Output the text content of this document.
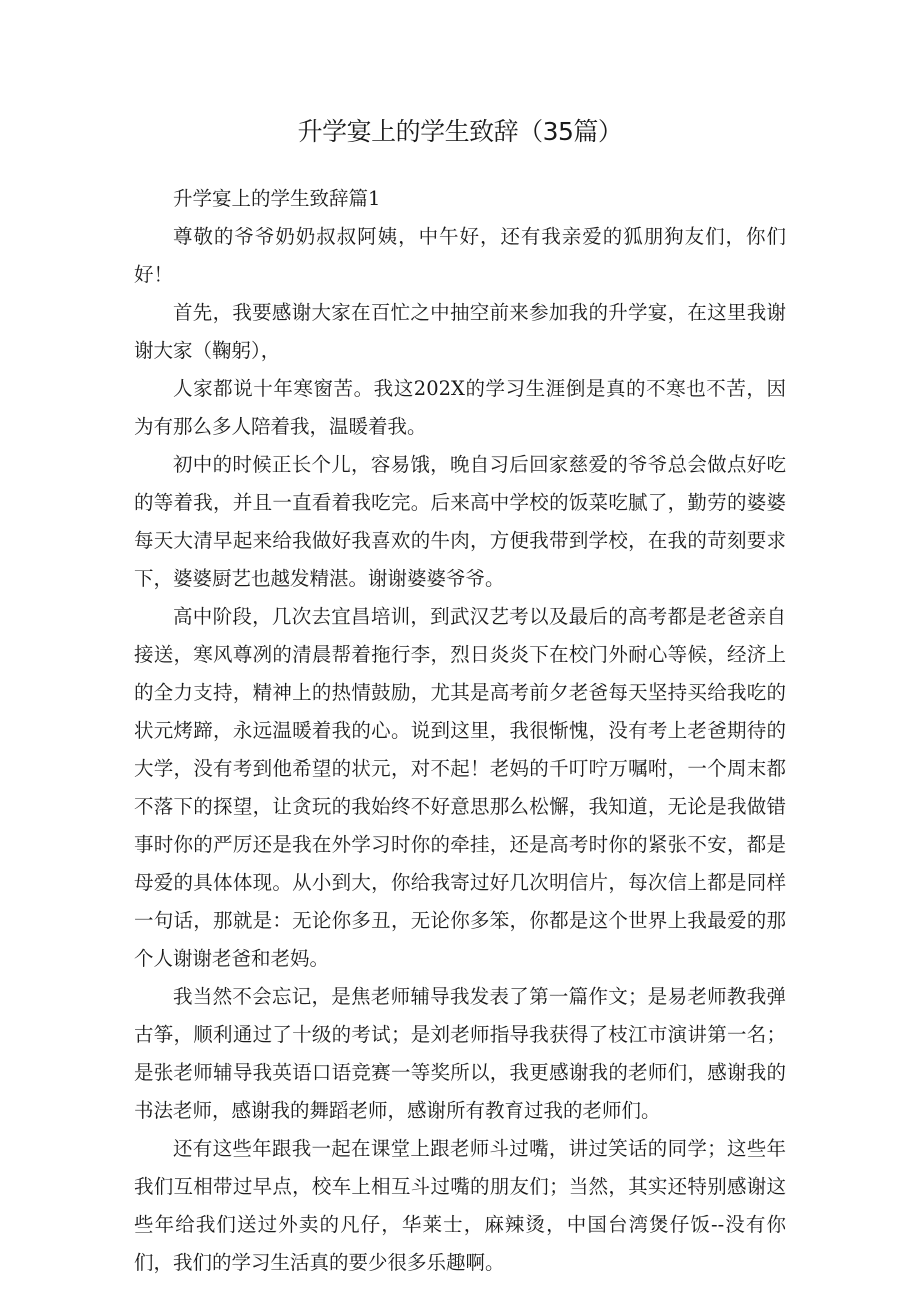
升学宴上的学生致辞（35篇）
升学宴上的学生致辞篇1

尊敬的爷爷奶奶叔叔阿姨，中午好，还有我亲爱的狐朋狗友们，你们好！

首先，我要感谢大家在百忙之中抽空前来参加我的升学宴，在这里我谢谢大家（鞠躬），

人家都说十年寒窗苦。我这202X的学习生涯倒是真的不寒也不苦，因为有那么多人陪着我，温暖着我。

初中的时候正长个儿，容易饿，晚自习后回家慈爱的爷爷总会做点好吃的等着我，并且一直看着我吃完。后来高中学校的饭菜吃腻了，勤劳的婆婆每天大清早起来给我做好我喜欢的牛肉，方便我带到学校，在我的苛刻要求下，婆婆厨艺也越发精湛。谢谢婆婆爷爷。

高中阶段，几次去宜昌培训，到武汉艺考以及最后的高考都是老爸亲自接送，寒风尊冽的清晨帮着拖行李，烈日炎炎下在校门外耐心等候，经济上的全力支持，精神上的热情鼓励，尤其是高考前夕老爸每天坚持买给我吃的状元烤蹄，永远温暖着我的心。说到这里，我很惭愧，没有考上老爸期待的大学，没有考到他希望的状元，对不起！老妈的千叮咛万嘱咐，一个周末都不落下的探望，让贪玩的我始终不好意思那么松懈，我知道，无论是我做错事时你的严厉还是我在外学习时你的牵挂，还是高考时你的紧张不安，都是母爱的具体体现。从小到大，你给我寄过好几次明信片，每次信上都是同样一句话，那就是：无论你多丑，无论你多笨，你都是这个世界上我最爱的那个人谢谢老爸和老妈。

我当然不会忘记，是焦老师辅导我发表了第一篇作文；是易老师教我弹古筝，顺利通过了十级的考试；是刘老师指导我获得了枝江市演讲第一名；是张老师辅导我英语口语竞赛一等奖所以，我更感谢我的老师们，感谢我的书法老师，感谢我的舞蹈老师，感谢所有教育过我的老师们。

还有这些年跟我一起在课堂上跟老师斗过嘴，讲过笑话的同学；这些年我们互相带过早点，校车上相互斗过嘴的朋友们；当然，其实还特别感谢这些年给我们送过外卖的凡仔，华莱士，麻辣烫，中国台湾煲仔饭--没有你们，我们的学习生活真的要少很多乐趣啊。
